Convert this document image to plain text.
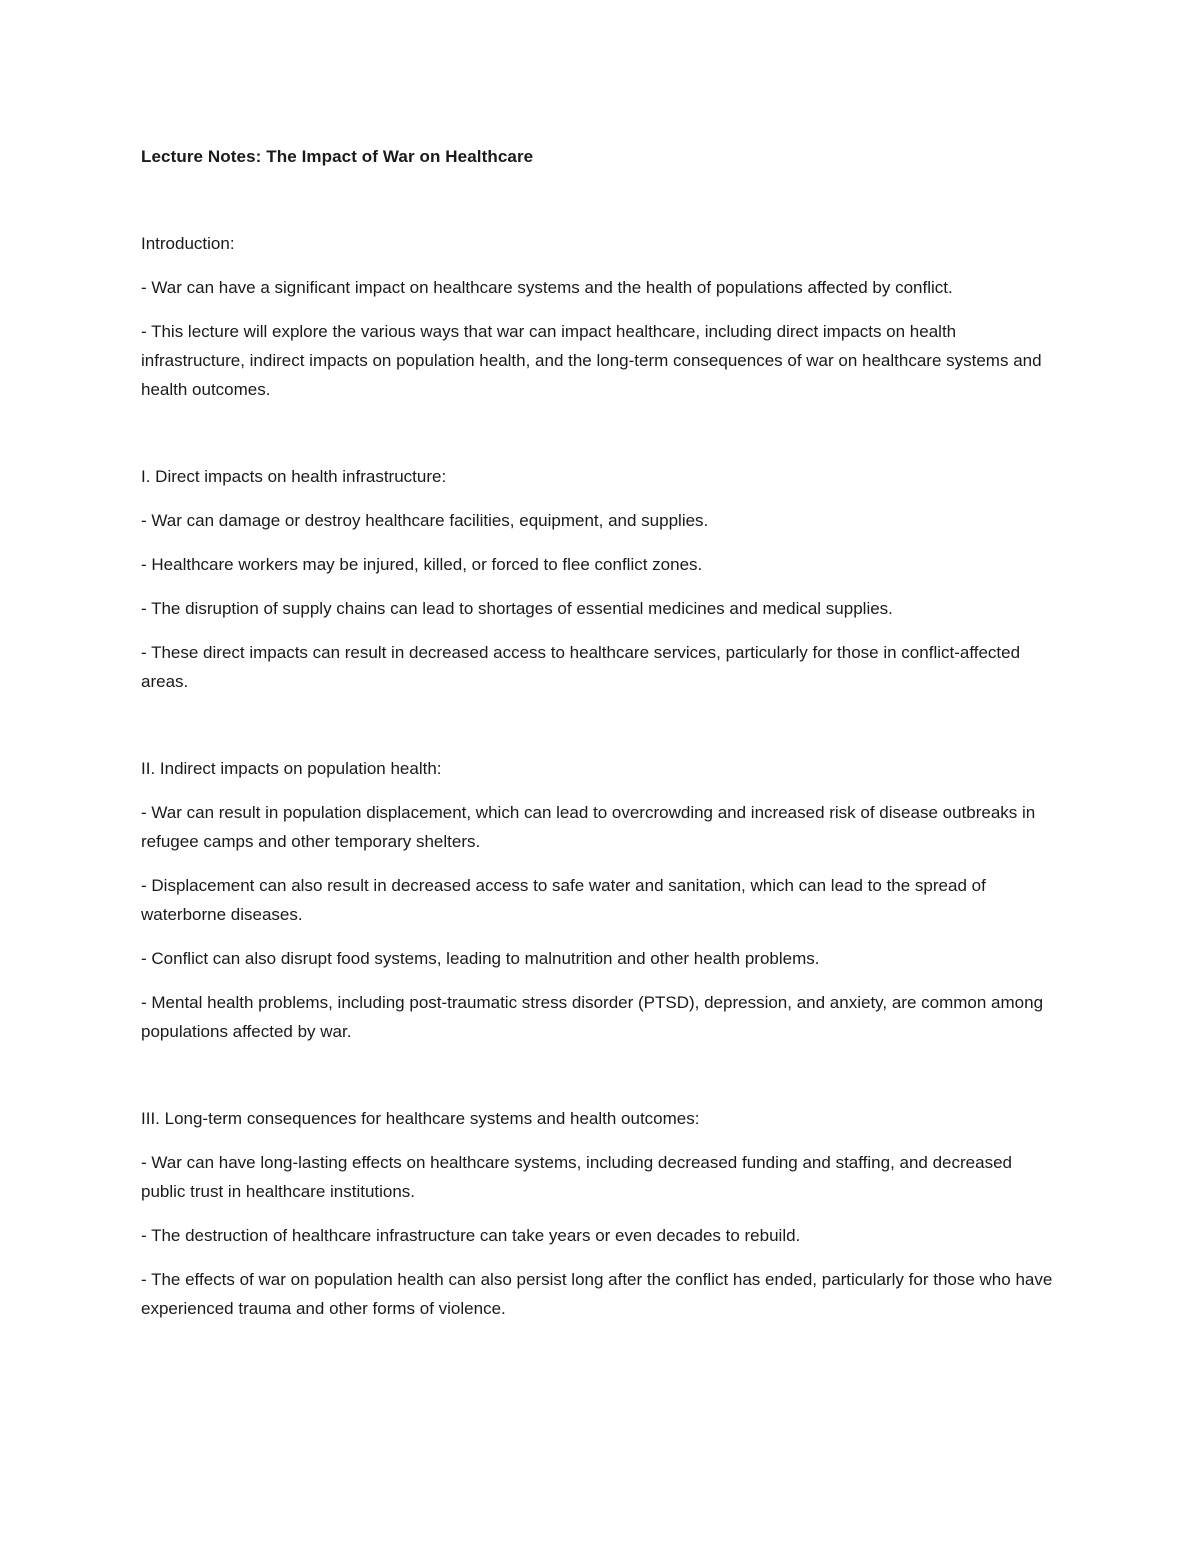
Lecture Notes: The Impact of War on Healthcare

Introduction:

- War can have a significant impact on healthcare systems and the health of populations affected by conflict.

- This lecture will explore the various ways that war can impact healthcare, including direct impacts on health infrastructure, indirect impacts on population health, and the long-term consequences of war on healthcare systems and health outcomes.

I. Direct impacts on health infrastructure:

- War can damage or destroy healthcare facilities, equipment, and supplies.

- Healthcare workers may be injured, killed, or forced to flee conflict zones.

- The disruption of supply chains can lead to shortages of essential medicines and medical supplies.

- These direct impacts can result in decreased access to healthcare services, particularly for those in conflict-affected areas.

II. Indirect impacts on population health:

- War can result in population displacement, which can lead to overcrowding and increased risk of disease outbreaks in refugee camps and other temporary shelters.

- Displacement can also result in decreased access to safe water and sanitation, which can lead to the spread of waterborne diseases.

- Conflict can also disrupt food systems, leading to malnutrition and other health problems.

- Mental health problems, including post-traumatic stress disorder (PTSD), depression, and anxiety, are common among populations affected by war.

III. Long-term consequences for healthcare systems and health outcomes:

- War can have long-lasting effects on healthcare systems, including decreased funding and staffing, and decreased public trust in healthcare institutions.

- The destruction of healthcare infrastructure can take years or even decades to rebuild.

- The effects of war on population health can also persist long after the conflict has ended, particularly for those who have experienced trauma and other forms of violence.
